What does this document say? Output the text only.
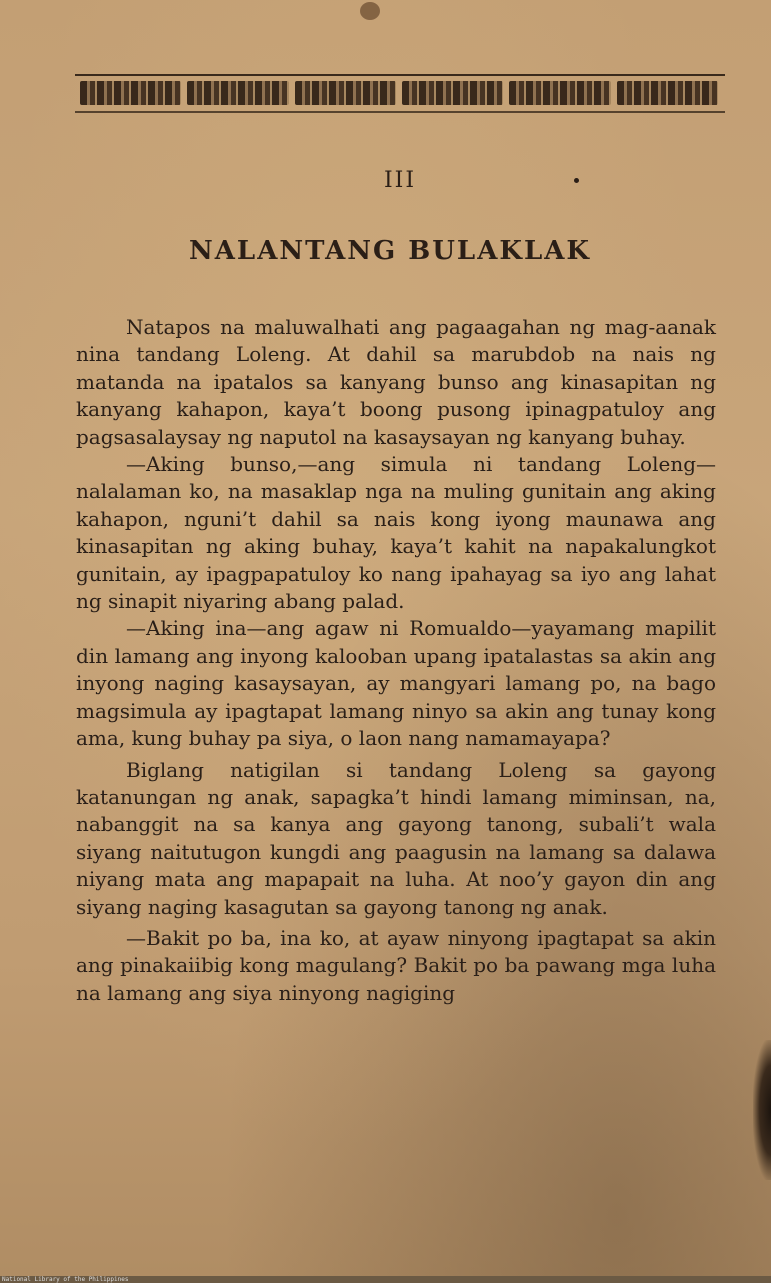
III
NALANTANG BULAKLAK

Natapos na maluwalhati ang pagaagahan ng mag-aanak nina tandang Loleng. At dahil sa marubdob na nais ng matanda na ipatalos sa kanyang bunso ang kinasapitan ng kanyang kahapon, kaya’t boong pusong ipinagpatuloy ang pagsasalaysay ng naputol na kasaysayan ng kanyang buhay.

—Aking bunso,—ang simula ni tandang Loleng—nalalaman ko, na masaklap nga na muling gunitain ang aking kahapon, nguni’t dahil sa nais kong iyong maunawa ang kinasapitan ng aking buhay, kaya’t kahit na napakalungkot gunitain, ay ipagpapatuloy ko nang ipahayag sa iyo ang lahat ng sinapit niyaring abang palad.

—Aking ina—ang agaw ni Romualdo—yayamang mapilit din lamang ang inyong kalooban upang ipatalastas sa akin ang inyong naging kasaysayan, ay mangyari lamang po, na bago magsimula ay ipagtapat lamang ninyo sa akin ang tunay kong ama, kung buhay pa siya, o laon nang namamayapa?

Biglang natigilan si tandang Loleng sa gayong katanungan ng anak, sapagka’t hindi lamang miminsan, na, nabanggit na sa kanya ang gayong tanong, subali’t wala siyang naitutugon kungdi ang paagusin na lamang sa dalawa niyang mata ang mapapait na luha. At noo’y gayon din ang siyang naging kasagutan sa gayong tanong ng anak.

—Bakit po ba, ina ko, at ayaw ninyong ipagtapat sa akin ang pinakaiibig kong magulang? Bakit po ba pawang mga luha na lamang ang siya ninyong nagiging

National Library of the Philippines
